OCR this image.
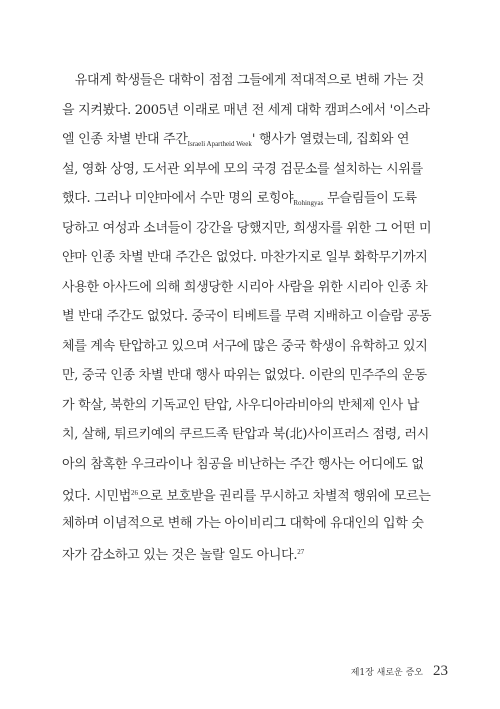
　유대계 학생들은 대학이 점점 그들에게 적대적으로 변해 가는 것
을 지켜봤다. 2005년 이래로 매년 전 세계 대학 캠퍼스에서 '이스라
엘 인종 차별 반대 주간$_{Israeli Apartheid Week}$' 행사가 열렸는데, 집회와 연
설, 영화 상영, 도서관 외부에 모의 국경 검문소를 설치하는 시위를
했다. 그러나 미얀마에서 수만 명의 로힝야$_{Rohingyas}$ 무슬림들이 도륙
당하고 여성과 소녀들이 강간을 당했지만, 희생자를 위한 그 어떤 미
얀마 인종 차별 반대 주간은 없었다. 마찬가지로 일부 화학무기까지
사용한 아사드에 의해 희생당한 시리아 사람을 위한 시리아 인종 차
별 반대 주간도 없었다. 중국이 티베트를 무력 지배하고 이슬람 공동
체를 계속 탄압하고 있으며 서구에 많은 중국 학생이 유학하고 있지
만, 중국 인종 차별 반대 행사 따위는 없었다. 이란의 민주주의 운동
가 학살, 북한의 기독교인 탄압, 사우디아라비아의 반체제 인사 납
치, 살해, 튀르키예의 쿠르드족 탄압과 북(北)사이프러스 점령, 러시
아의 참혹한 우크라이나 침공을 비난하는 주간 행사는 어디에도 없
었다. 시민법$^{26}$으로 보호받을 권리를 무시하고 차별적 행위에 모르는
체하며 이념적으로 변해 가는 아이비리그 대학에 유대인의 입학 숫
자가 감소하고 있는 것은 놀랄 일도 아니다.$^{27}$
제1장 새로운 증오 23
